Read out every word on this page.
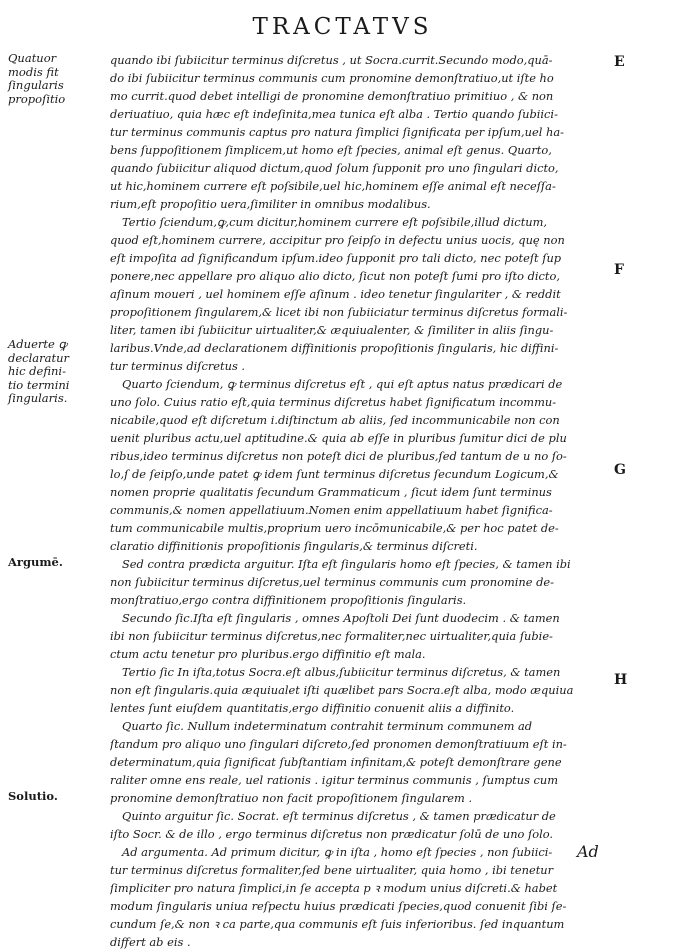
TRACTATVS
quando ibi ſubiicitur terminus diſcretus , ut Socra.currit.Secundo modo,quā-
do ibi ſubiicitur terminus communis cum pronomine demonſtratiuo,ut iſte ho
mo currit.quod debet intelligi de pronomine demonſtratiuo primitiuo , & non
deriuatiuo, quia hæc eſt indeſinita,mea tunica eſt alba . Tertio quando ſubiici-
tur terminus communis captus pro natura ſimplici ſignificata per ipſum,uel ha-
bens ſuppoſitionem ſimplicem,ut homo eſt ſpecies, animal eſt genus. Quarto,
quando ſubiicitur aliquod dictum,quod ſolum ſupponit pro uno ſingulari dicto,
ut hic,hominem currere eſt poſsibile,uel hic,hominem eſſe animal eſt neceſſa-
rium,eſt propoſitio uera,ſimiliter in omnibus modalibus.
Tertio ſciendum,ꝙ,cum dicitur,hominem currere eſt poſsibile,illud dictum,
quod eſt,hominem currere, accipitur pro ſeipſo in defectu unius uocis, quę non
eſt impoſita ad ſignificandum ipſum.ideo ſupponit pro tali dicto, nec poteſt ſup
ponere,nec appellare pro aliquo alio dicto, ſicut non poteſt ſumi pro iſto dicto,
aſinum moueri , uel hominem eſſe aſinum . ideo tenetur ſingulariter , & reddit
propoſitionem ſingularem,& licet ibi non ſubiiciatur terminus diſcretus formali-
liter, tamen ibi ſubiicitur uirtualiter,& æquiualenter, & ſimiliter in aliis ſingu-
laribus.Vnde,ad declarationem diffinitionis propoſitionis ſingularis, hic diffini-
tur terminus diſcretus .
Quarto ſciendum, ꝙ terminus diſcretus eſt , qui eſt aptus natus prædicari de
uno ſolo. Cuius ratio eſt,quia terminus diſcretus habet ſignificatum incommu-
nicabile,quod eſt diſcretum i.diſtinctum ab aliis, ſed incommunicabile non con
uenit pluribus actu,uel aptitudine.& quia ab eſſe in pluribus ſumitur dici de plu
ribus,ideo terminus diſcretus non poteſt dici de pluribus,ſed tantum de u no ſo-
lo,ſ de ſeipſo,unde patet ꝙ idem ſunt terminus diſcretus ſecundum Logicum,&
nomen proprie qualitatis ſecundum Grammaticum , ſicut idem ſunt terminus
communis,& nomen appellatiuum.Nomen enim appellatiuum habet ſignifica-
tum communicabile multis,proprium uero incōmunicabile,& per hoc patet de-
claratio diffinitionis propoſitionis ſingularis,& terminus diſcreti.
Sed contra prædicta arguitur. Iſta eſt ſingularis homo eſt ſpecies, & tamen ibi
non ſubiicitur terminus diſcretus,uel terminus communis cum pronomine de-
monſtratiuo,ergo contra diffinitionem propoſitionis ſingularis.
Secundo ſic.Iſta eſt ſingularis , omnes Apoſtoli Dei ſunt duodecim . & tamen
ibi non ſubiicitur terminus diſcretus,nec formaliter,nec uirtualiter,quia ſubie-
ctum actu tenetur pro pluribus.ergo diffinitio eſt mala.
Tertio ſic In iſta,totus Socra.eſt albus,ſubiicitur terminus diſcretus, & tamen
non eſt ſingularis.quia æquiualet iſti quælibet pars Socra.eſt alba, modo æquiua
lentes ſunt eiuſdem quantitatis,ergo diffinitio conuenit aliis a diffinito.
Quarto ſic. Nullum indeterminatum contrahit terminum communem ad
ſtandum pro aliquo uno ſingulari diſcreto,ſed pronomen demonſtratiuum eſt in-
determinatum,quia ſignificat ſubſtantiam infinitam,& poteſt demonſtrare gene
raliter omne ens reale, uel rationis . igitur terminus communis , ſumptus cum
pronomine demonſtratiuo non facit propoſitionem ſingularem .
Quinto arguitur ſic. Socrat. eſt terminus diſcretus , & tamen prædicatur de
iſto Socr. & de illo , ergo terminus diſcretus non prædicatur ſolū de uno ſolo.
Ad argumenta. Ad primum dicitur, ꝙ in iſta , homo eſt ſpecies , non ſubiici-
tur terminus diſcretus formaliter,ſed bene uirtualiter, quia homo , ibi tenetur
ſimpliciter pro natura ſimplici,in ſe accepta p ꝛ modum unius diſcreti.& habet
modum ſingularis uniua reſpectu huius prædicati ſpecies,quod conuenit ſibi ſe-
cundum ſe,& non ꝛ ca parte,qua communis eſt ſuis inferioribus. ſed inquantum
differt ab eis .
Quatuor
modis fit
ſingularis
propoſitio
Aduerte ꝙ
declaratur
hic defini-
tio termini
ſingularis.
Argumē.
Solutio.
E
F
G
H
Ad
